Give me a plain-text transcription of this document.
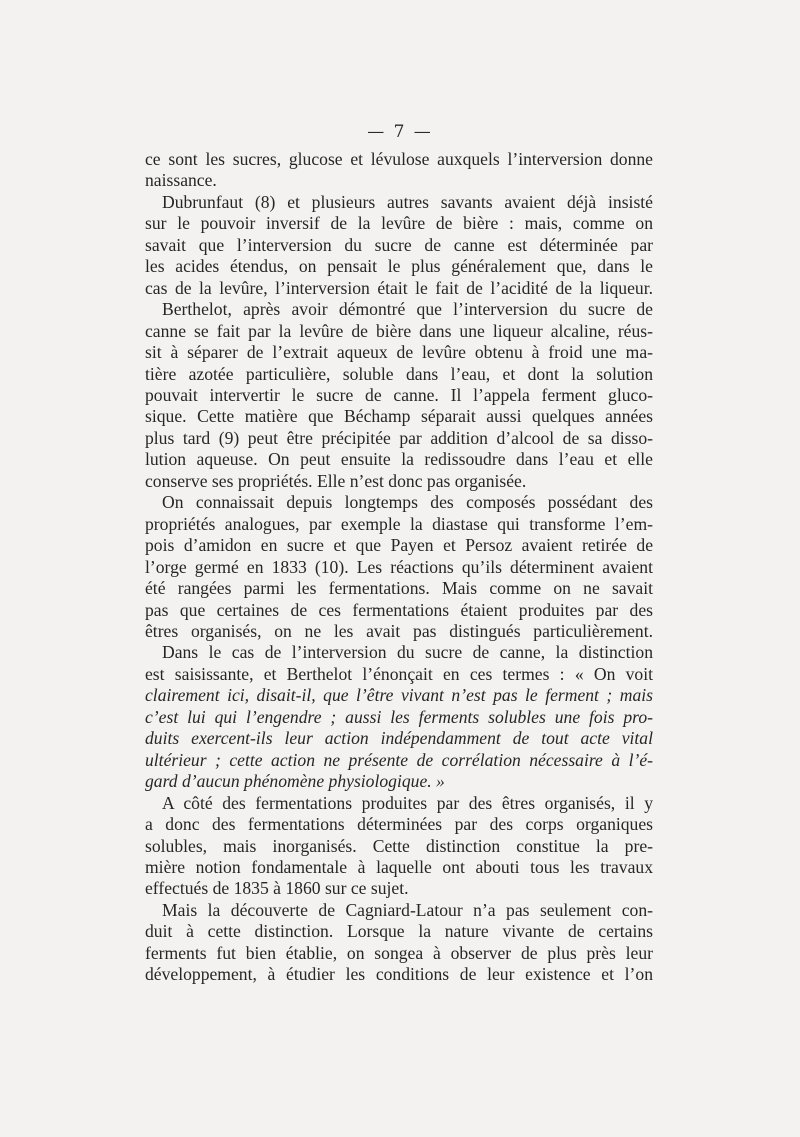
— 7 —
ce sont les sucres, glucose et lévulose auxquels l’interversion donne
naissance.
Dubrunfaut (8) et plusieurs autres savants avaient déjà insisté
sur le pouvoir inversif de la levûre de bière : mais, comme on
savait que l’interversion du sucre de canne est déterminée par
les acides étendus, on pensait le plus généralement que, dans le
cas de la levûre, l’interversion était le fait de l’acidité de la liqueur.
Berthelot, après avoir démontré que l’interversion du sucre de
canne se fait par la levûre de bière dans une liqueur alcaline, réus-
sit à séparer de l’extrait aqueux de levûre obtenu à froid une ma-
tière azotée particulière, soluble dans l’eau, et dont la solution
pouvait intervertir le sucre de canne. Il l’appela ferment gluco-
sique. Cette matière que Béchamp séparait aussi quelques années
plus tard (9) peut être précipitée par addition d’alcool de sa disso-
lution aqueuse. On peut ensuite la redissoudre dans l’eau et elle
conserve ses propriétés. Elle n’est donc pas organisée.
On connaissait depuis longtemps des composés possédant des
propriétés analogues, par exemple la diastase qui transforme l’em-
pois d’amidon en sucre et que Payen et Persoz avaient retirée de
l’orge germé en 1833 (10). Les réactions qu’ils déterminent avaient
été rangées parmi les fermentations. Mais comme on ne savait
pas que certaines de ces fermentations étaient produites par des
êtres organisés, on ne les avait pas distingués particulièrement.
Dans le cas de l’interversion du sucre de canne, la distinction
est saisissante, et Berthelot l’énonçait en ces termes : « On voit
clairement ici, disait-il, que l’être vivant n’est pas le ferment ; mais
c’est lui qui l’engendre ; aussi les ferments solubles une fois pro-
duits exercent-ils leur action indépendamment de tout acte vital
ultérieur ; cette action ne présente de corrélation nécessaire à l’é-
gard d’aucun phénomène physiologique. »
A côté des fermentations produites par des êtres organisés, il y
a donc des fermentations déterminées par des corps organiques
solubles, mais inorganisés. Cette distinction constitue la pre-
mière notion fondamentale à laquelle ont abouti tous les travaux
effectués de 1835 à 1860 sur ce sujet.
Mais la découverte de Cagniard-Latour n’a pas seulement con-
duit à cette distinction. Lorsque la nature vivante de certains
ferments fut bien établie, on songea à observer de plus près leur
développement, à étudier les conditions de leur existence et l’on
